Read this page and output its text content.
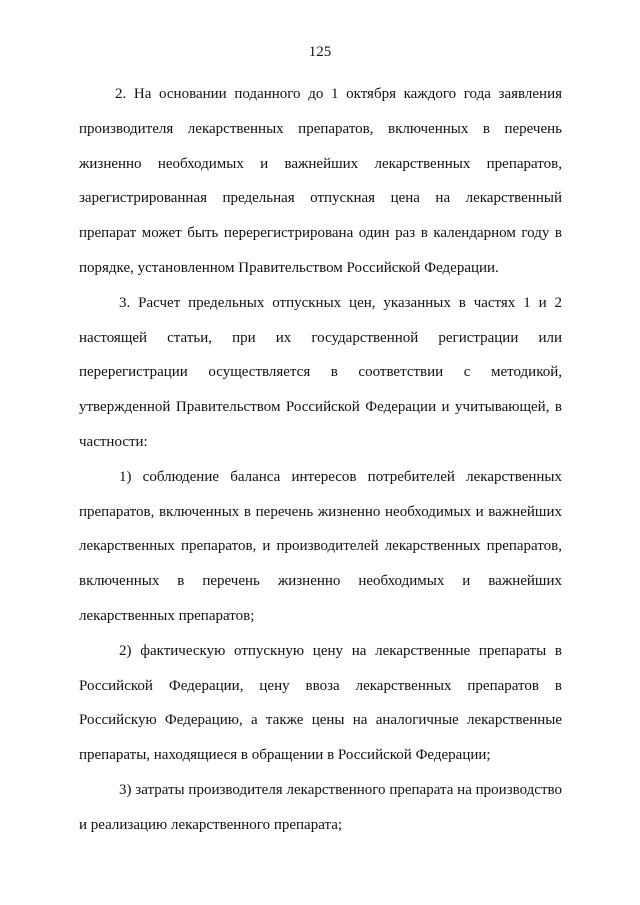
125

2. На основании поданного до 1 октября каждого года заявления производителя лекарственных препаратов, включенных в перечень жизненно необходимых и важнейших лекарственных препаратов, зарегистрированная предельная отпускная цена на лекарственный препарат может быть перерегистрирована один раз в календарном году в порядке, установленном Правительством Российской Федерации.

3. Расчет предельных отпускных цен, указанных в частях 1 и 2 настоящей статьи, при их государственной регистрации или перерегистрации осуществляется в соответствии с методикой, утвержденной Правительством Российской Федерации и учитывающей, в частности:

1) соблюдение баланса интересов потребителей лекарственных препаратов, включенных в перечень жизненно необходимых и важнейших лекарственных препаратов, и производителей лекарственных препаратов, включенных в перечень жизненно необходимых и важнейших лекарственных препаратов;

2) фактическую отпускную цену на лекарственные препараты в Российской Федерации, цену ввоза лекарственных препаратов в Российскую Федерацию, а также цены на аналогичные лекарственные препараты, находящиеся в обращении в Российской Федерации;

3) затраты производителя лекарственного препарата на производство и реализацию лекарственного препарата;
